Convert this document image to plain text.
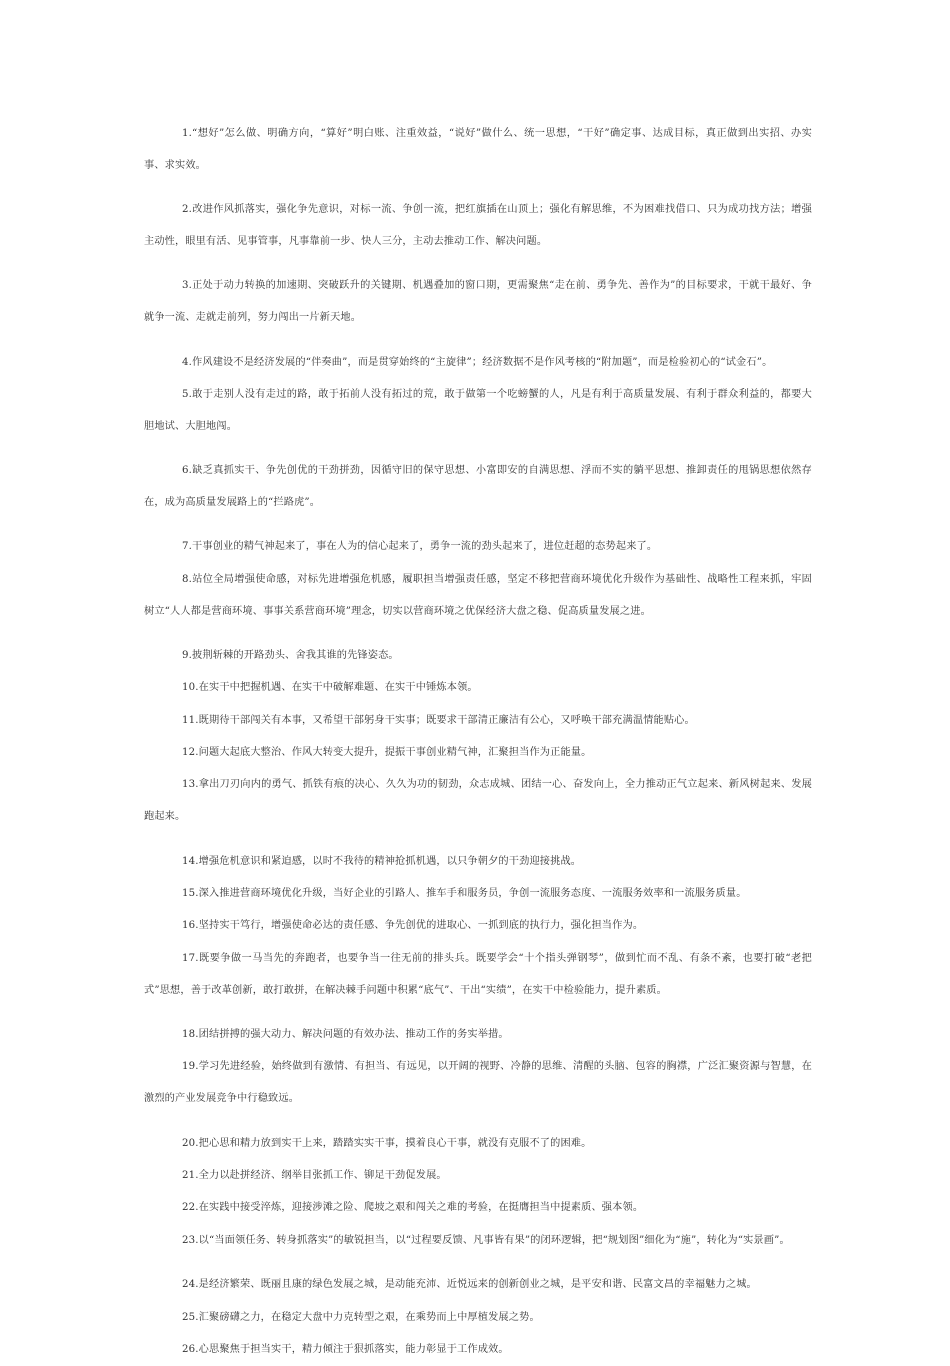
1.“想好”怎么做、明确方向，“算好”明白账、注重效益，“说好”做什么、统一思想，“干好”确定事、达成目标，真正做到出实招、办实事、求实效。

2.改进作风抓落实，强化争先意识，对标一流、争创一流，把红旗插在山顶上；强化有解思维，不为困难找借口、只为成功找方法；增强主动性，眼里有活、见事管事，凡事靠前一步、快人三分，主动去推动工作、解决问题。

3.正处于动力转换的加速期、突破跃升的关键期、机遇叠加的窗口期，更需聚焦“走在前、勇争先、善作为”的目标要求，干就干最好、争就争一流、走就走前列，努力闯出一片新天地。

4.作风建设不是经济发展的“伴奏曲”，而是贯穿始终的“主旋律”；经济数据不是作风考核的“附加题”，而是检验初心的“试金石”。

5.敢于走别人没有走过的路，敢于拓前人没有拓过的荒，敢于做第一个吃螃蟹的人，凡是有利于高质量发展、有利于群众利益的，都要大胆地试、大胆地闯。

6.缺乏真抓实干、争先创优的干劲拼劲，因循守旧的保守思想、小富即安的自满思想、浮而不实的躺平思想、推卸责任的甩锅思想依然存在，成为高质量发展路上的“拦路虎”。

7.干事创业的精气神起来了，事在人为的信心起来了，勇争一流的劲头起来了，进位赶超的态势起来了。

8.站位全局增强使命感，对标先进增强危机感，履职担当增强责任感，坚定不移把营商环境优化升级作为基础性、战略性工程来抓，牢固树立“人人都是营商环境、事事关系营商环境”理念，切实以营商环境之优保经济大盘之稳、促高质量发展之进。

9.披荆斩棘的开路劲头、舍我其谁的先锋姿态。

10.在实干中把握机遇、在实干中破解难题、在实干中锤炼本领。

11.既期待干部闯关有本事，又希望干部躬身干实事；既要求干部清正廉洁有公心，又呼唤干部充满温情能贴心。

12.问题大起底大整治、作风大转变大提升，提振干事创业精气神，汇聚担当作为正能量。

13.拿出刀刃向内的勇气、抓铁有痕的决心、久久为功的韧劲，众志成城、团结一心、奋发向上，全力推动正气立起来、新风树起来、发展跑起来。

14.增强危机意识和紧迫感，以时不我待的精神抢抓机遇，以只争朝夕的干劲迎接挑战。

15.深入推进营商环境优化升级，当好企业的引路人、推车手和服务员，争创一流服务态度、一流服务效率和一流服务质量。

16.坚持实干笃行，增强使命必达的责任感、争先创优的进取心、一抓到底的执行力，强化担当作为。

17.既要争做一马当先的奔跑者，也要争当一往无前的排头兵。既要学会“十个指头弹钢琴”，做到忙而不乱、有条不紊，也要打破“老把式”思想，善于改革创新，敢打敢拼，在解决棘手问题中积累“底气”、干出“实绩”，在实干中检验能力，提升素质。

18.团结拼搏的强大动力、解决问题的有效办法、推动工作的务实举措。

19.学习先进经验，始终做到有激情、有担当、有远见，以开阔的视野、冷静的思维、清醒的头脑、包容的胸襟，广泛汇聚资源与智慧，在激烈的产业发展竞争中行稳致远。

20.把心思和精力放到实干上来，踏踏实实干事，摸着良心干事，就没有克服不了的困难。

21.全力以赴拼经济、纲举目张抓工作、铆足干劲促发展。

22.在实践中接受淬炼，迎接涉滩之险、爬坡之艰和闯关之难的考验，在挺膺担当中提素质、强本领。

23.以“当面领任务、转身抓落实”的敏锐担当，以“过程要反馈、凡事皆有果”的闭环逻辑，把“规划图”细化为“施”，转化为“实景画”。

24.是经济繁荣、既丽且康的绿色发展之城，是动能充沛、近悦远来的创新创业之城，是平安和谐、民富文昌的幸福魅力之城。

25.汇聚磅礴之力，在稳定大盘中力克转型之艰，在乘势而上中厚植发展之势。

26.心思聚焦于担当实干，精力倾注于狠抓落实，能力彰显于工作成效。
